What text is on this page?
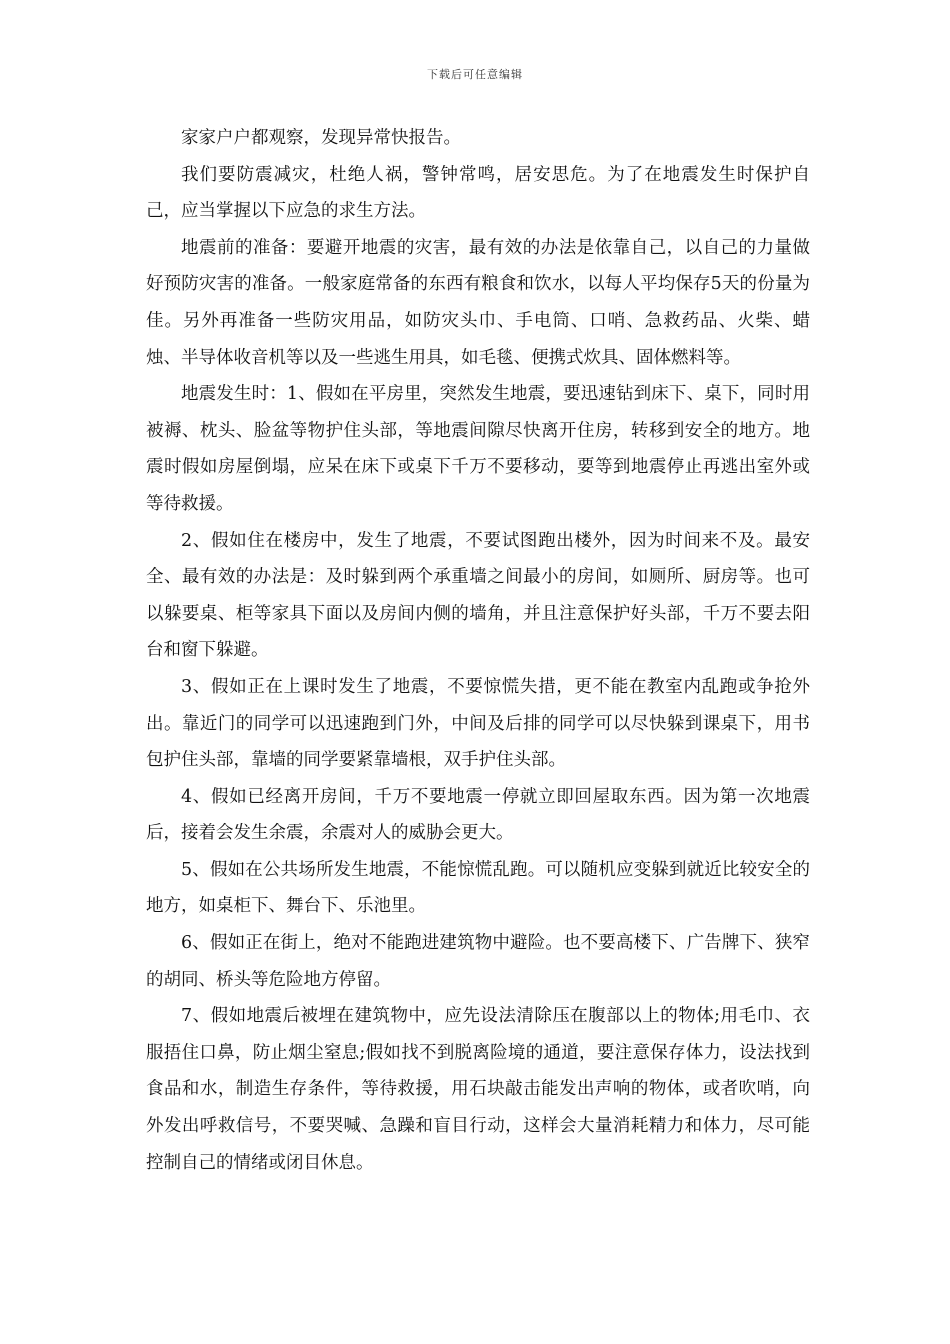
下载后可任意编辑

家家户户都观察，发现异常快报告。

我们要防震减灾，杜绝人祸，警钟常鸣，居安思危。为了在地震发生时保护自己，应当掌握以下应急的求生方法。

地震前的准备：要避开地震的灾害，最有效的办法是依靠自己，以自己的力量做好预防灾害的准备。一般家庭常备的东西有粮食和饮水，以每人平均保存5天的份量为佳。另外再准备一些防灾用品，如防灾头巾、手电筒、口哨、急救药品、火柴、蜡烛、半导体收音机等以及一些逃生用具，如毛毯、便携式炊具、固体燃料等。

地震发生时：1、假如在平房里，突然发生地震，要迅速钻到床下、桌下，同时用被褥、枕头、脸盆等物护住头部，等地震间隙尽快离开住房，转移到安全的地方。地震时假如房屋倒塌，应呆在床下或桌下千万不要移动，要等到地震停止再逃出室外或等待救援。

2、假如住在楼房中，发生了地震，不要试图跑出楼外，因为时间来不及。最安全、最有效的办法是：及时躲到两个承重墙之间最小的房间，如厕所、厨房等。也可以躲要桌、柜等家具下面以及房间内侧的墙角，并且注意保护好头部，千万不要去阳台和窗下躲避。

3、假如正在上课时发生了地震，不要惊慌失措，更不能在教室内乱跑或争抢外出。靠近门的同学可以迅速跑到门外，中间及后排的同学可以尽快躲到课桌下，用书包护住头部，靠墙的同学要紧靠墙根，双手护住头部。

4、假如已经离开房间，千万不要地震一停就立即回屋取东西。因为第一次地震后，接着会发生余震，余震对人的威胁会更大。

5、假如在公共场所发生地震，不能惊慌乱跑。可以随机应变躲到就近比较安全的地方，如桌柜下、舞台下、乐池里。

6、假如正在街上，绝对不能跑进建筑物中避险。也不要高楼下、广告牌下、狭窄的胡同、桥头等危险地方停留。

7、假如地震后被埋在建筑物中，应先设法清除压在腹部以上的物体;用毛巾、衣服捂住口鼻，防止烟尘窒息;假如找不到脱离险境的通道，要注意保存体力，设法找到食品和水，制造生存条件，等待救援，用石块敲击能发出声响的物体，或者吹哨，向外发出呼救信号，不要哭喊、急躁和盲目行动，这样会大量消耗精力和体力，尽可能控制自己的情绪或闭目休息。
